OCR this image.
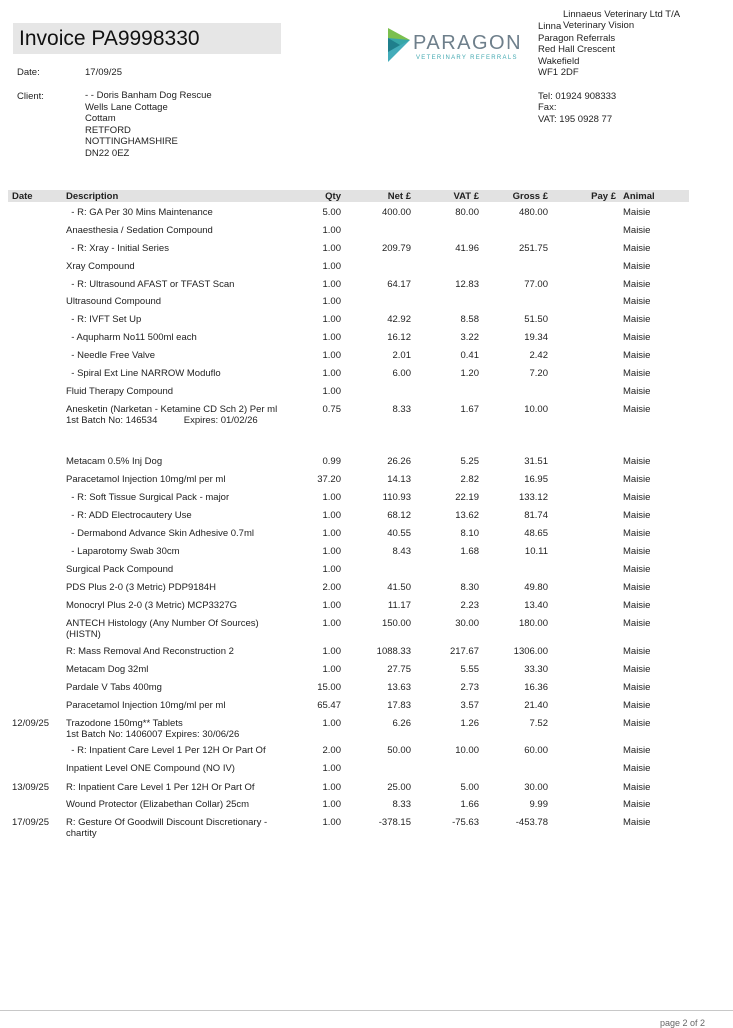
Invoice PA9998330
Date:	17/09/25
Client:	- - Doris Banham Dog Rescue
Wells Lane Cottage
Cottam
RETFORD
NOTTINGHAMSHIRE
DN22 0EZ
PARAGON
VETERINARY REFERRALS
Linna
Linnaeus Veterinary Ltd T/A
Veterinary Vision
Paragon Referrals
Red Hall Crescent
Wakefield
WF1 2DF
Tel: 01924 908333
Fax:
VAT: 195 0928 77
Date	Description	Qty	Net £	VAT £	Gross £	Pay £ Animal
- R: GA Per 30 Mins Maintenance	5.00	400.00	80.00	480.00	Maisie
Anaesthesia / Sedation Compound	1.00	Maisie
- R: Xray - Initial Series	1.00	209.79	41.96	251.75	Maisie
Xray Compound	1.00	Maisie
- R: Ultrasound AFAST or TFAST Scan	1.00	64.17	12.83	77.00	Maisie
Ultrasound Compound	1.00	Maisie
- R: IVFT Set Up	1.00	42.92	8.58	51.50	Maisie
- Aqupharm No11 500ml each	1.00	16.12	3.22	19.34	Maisie
- Needle Free Valve	1.00	2.01	0.41	2.42	Maisie
- Spiral Ext Line NARROW Moduflo	1.00	6.00	1.20	7.20	Maisie
Fluid Therapy Compound	1.00	Maisie
Anesketin (Narketan - Ketamine CD Sch 2) Per ml
1st Batch No: 146534          Expires: 01/02/26
0.75	8.33	1.67	10.00	Maisie
Metacam 0.5% Inj Dog	0.99	26.26	5.25	31.51	Maisie
Paracetamol Injection 10mg/ml per ml	37.20	14.13	2.82	16.95	Maisie
- R: Soft Tissue Surgical Pack - major	1.00	110.93	22.19	133.12	Maisie
- R: ADD Electrocautery Use	1.00	68.12	13.62	81.74	Maisie
- Dermabond Advance Skin Adhesive 0.7ml	1.00	40.55	8.10	48.65	Maisie
- Laparotomy Swab 30cm	1.00	8.43	1.68	10.11	Maisie
Surgical Pack Compound	1.00	Maisie
PDS Plus 2-0 (3 Metric) PDP9184H	2.00	41.50	8.30	49.80	Maisie
Monocryl Plus 2-0 (3 Metric) MCP3327G	1.00	11.17	2.23	13.40	Maisie
ANTECH Histology (Any Number Of Sources)
(HISTN)
1.00	150.00	30.00	180.00	Maisie
R: Mass Removal And Reconstruction 2	1.00	1088.33	217.67	1306.00	Maisie
Metacam Dog 32ml	1.00	27.75	5.55	33.30	Maisie
Pardale V Tabs 400mg	15.00	13.63	2.73	16.36	Maisie
Paracetamol Injection 10mg/ml per ml	65.47	17.83	3.57	21.40	Maisie
12/09/25 Trazodone 150mg** Tablets
1st Batch No: 1406007 Expires: 30/06/26
1.00	6.26	1.26	7.52	Maisie
- R: Inpatient Care Level 1 Per 12H Or Part Of	2.00	50.00	10.00	60.00	Maisie
Inpatient Level ONE Compound (NO IV)	1.00	Maisie
13/09/25 R: Inpatient Care Level 1 Per 12H Or Part Of	1.00	25.00	5.00	30.00	Maisie
Wound Protector (Elizabethan Collar) 25cm	1.00	8.33	1.66	9.99	Maisie
17/09/25 R: Gesture Of Goodwill Discount Discretionary -
chartity
1.00	-378.15	-75.63	-453.78	Maisie
page 2 of 2
